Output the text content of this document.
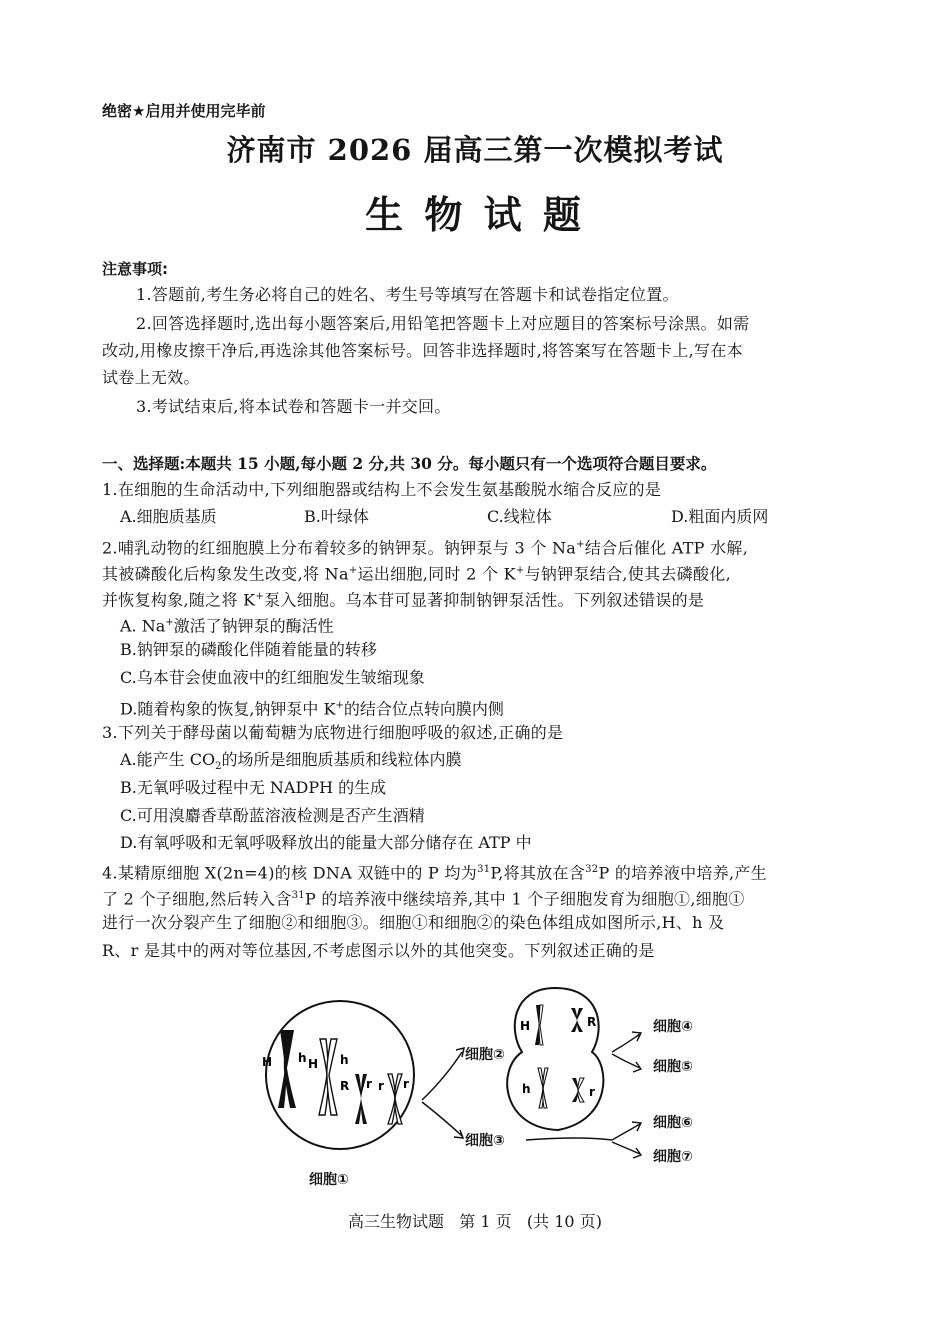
绝密★启用并使用完毕前
济南市 2026 届高三第一次模拟考试
生 物 试 题
注意事项:
1.答题前,考生务必将自己的姓名、考生号等填写在答题卡和试卷指定位置。
2.回答选择题时,选出每小题答案后,用铅笔把答题卡上对应题目的答案标号涂黑。如需
改动,用橡皮擦干净后,再选涂其他答案标号。回答非选择题时,将答案写在答题卡上,写在本
试卷上无效。
3.考试结束后,将本试卷和答题卡一并交回。
一、选择题:本题共 15 小题,每小题 2 分,共 30 分。每小题只有一个选项符合题目要求。
1.在细胞的生命活动中,下列细胞器或结构上不会发生氨基酸脱水缩合反应的是
A.细胞质基质	B.叶绿体	C.线粒体	D.粗面内质网
2.哺乳动物的红细胞膜上分布着较多的钠钾泵。钠钾泵与 3 个 Na+结合后催化 ATP 水解,
其被磷酸化后构象发生改变,将 Na+运出细胞,同时 2 个 K+与钠钾泵结合,使其去磷酸化,
并恢复构象,随之将 K+泵入细胞。乌本苷可显著抑制钠钾泵活性。下列叙述错误的是
A. Na+激活了钠钾泵的酶活性
B.钠钾泵的磷酸化伴随着能量的转移
C.乌本苷会使血液中的红细胞发生皱缩现象
D.随着构象的恢复,钠钾泵中 K+的结合位点转向膜内侧
3.下列关于酵母菌以葡萄糖为底物进行细胞呼吸的叙述,正确的是
A.能产生 $CO_2$的场所是细胞质基质和线粒体内膜
B.无氧呼吸过程中无 NADPH 的生成
C.可用溴麝香草酚蓝溶液检测是否产生酒精
D.有氧呼吸和无氧呼吸释放出的能量大部分储存在 ATP 中
4.某精原细胞 X(2n=4)的核 DNA 双链中的 P 均为$^{31}$P,将其放在含$^{32}$P 的培养液中培养,产生
了 2 个子细胞,然后转入含$^{31}$P 的培养液中继续培养,其中 1 个子细胞发育为细胞①,细胞①
进行一次分裂产生了细胞②和细胞③。细胞①和细胞②的染色体组成如图所示,H、h 及
R、r 是其中的两对等位基因,不考虑图示以外的其他突变。下列叙述正确的是
H h H h
R r r r
H	R
h	r
细胞①
细胞②
细胞③
细胞④
细胞⑤
细胞⑥
细胞⑦
高三生物试题   第 1 页   (共 10 页)
